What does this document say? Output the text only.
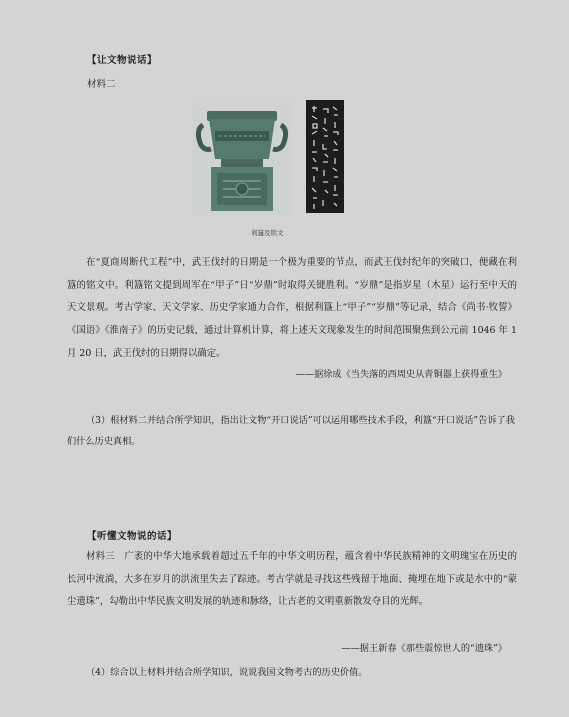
【让文物说话】
材料二
利簋及铭文
在“夏商周断代工程”中，武王伐纣的日期是一个极为重要的节点，而武王伐纣纪年的突破口，便藏在利簋的铭文中。利簋铭文提到周军在“甲子”日“岁鼎”时取得关键胜利。“岁鼎”是指岁星（木星）运行至中天的天文景观。考古学家、天文学家、历史学家通力合作，根据利簋上“甲子”“岁鼎”等记录，结合《尚书·牧誓》《国语》《淮南子》的历史记载，通过计算机计算，将上述天文现象发生的时间范围聚焦到公元前 1046 年 1 月 20 日，武王伐纣的日期得以确定。
——据徐成《当失落的西周史从青铜器上获得重生》
（3）根材料二并结合所学知识，指出让文物“开口说话”可以运用哪些技术手段，利簋“开口说话”告诉了我们什么历史真相。
【听懂文物说的话】
材料三　广袤的中华大地承载着超过五千年的中华文明历程，蕴含着中华民族精神的文明瑰宝在历史的长河中流淌，大多在岁月的洪流里失去了踪迹。考古学就是寻找这些残留于地面、掩埋在地下或是水中的“蒙尘遗珠”，勾勒出中华民族文明发展的轨迹和脉络，让古老的文明重新散发夺目的光辉。
——据王新春《那些震惊世人的“遗珠”》
（4）综合以上材料并结合所学知识，说说我国文物考古的历史价值。
